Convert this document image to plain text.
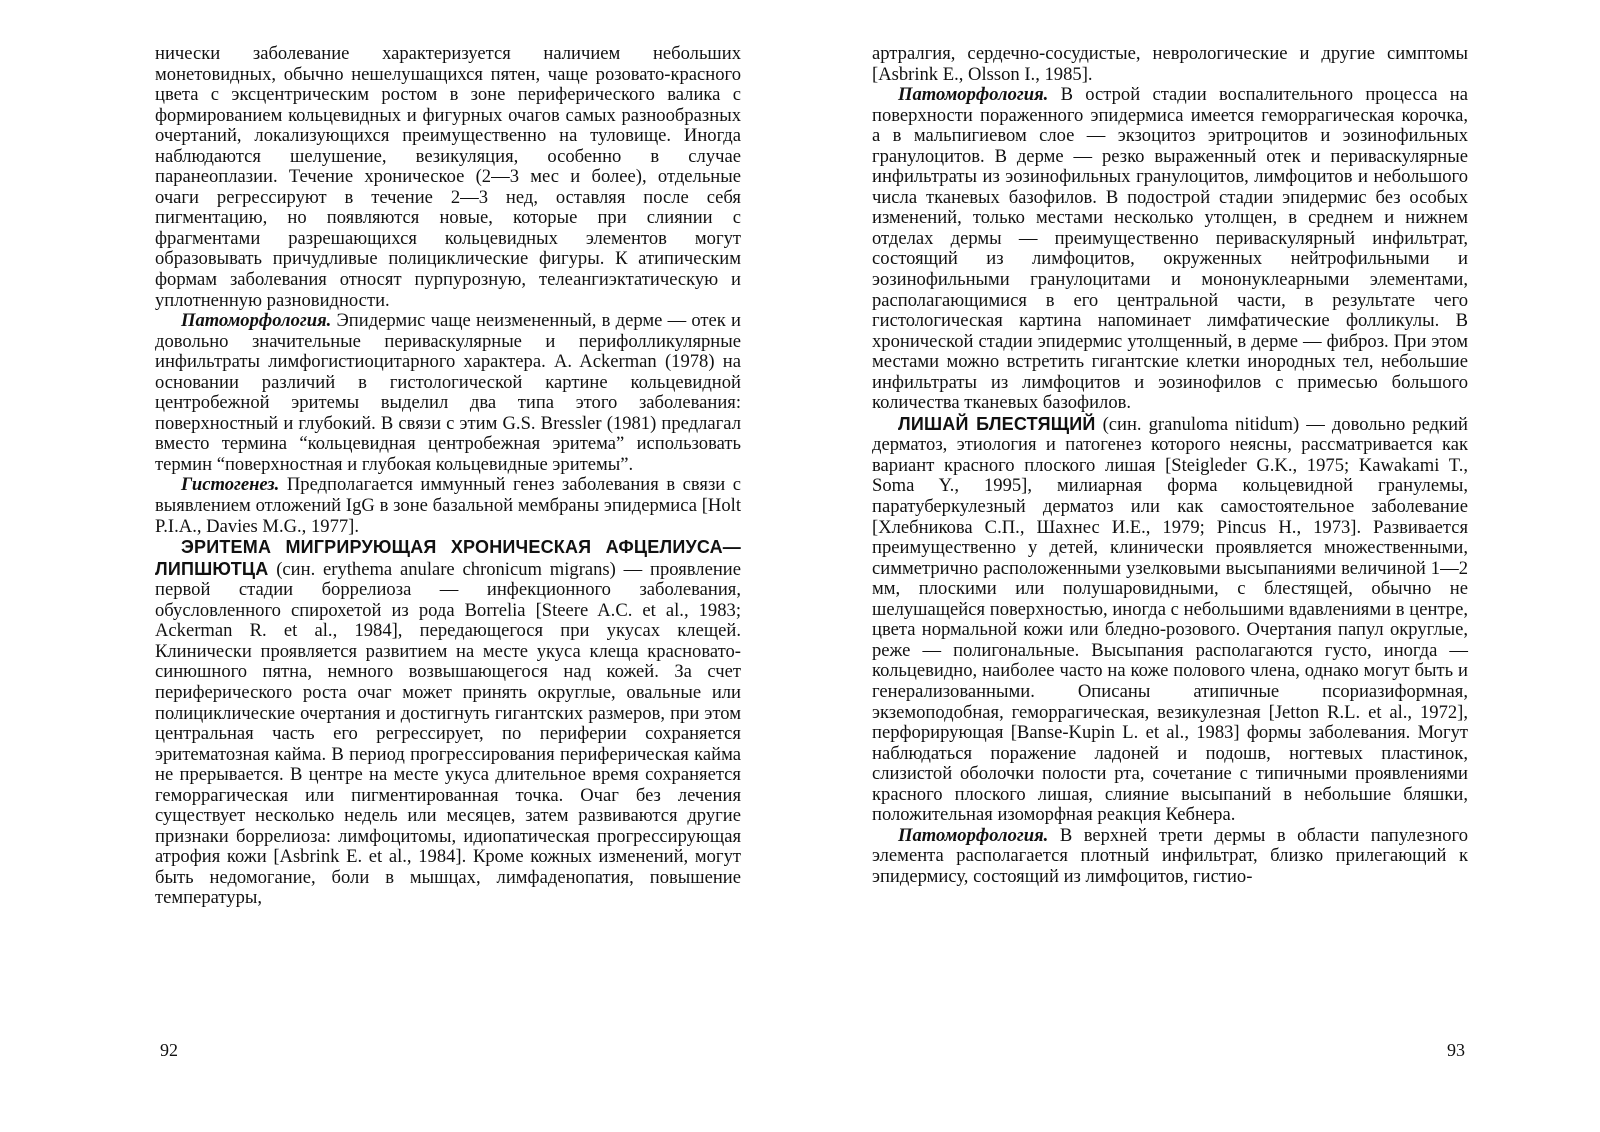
нически заболевание характеризуется наличием небольших монетовидных, обычно нешелушащихся пятен, чаще розовато-красного цвета с эксцентрическим ростом в зоне периферического валика с формированием кольцевидных и фигурных очагов самых разнообразных очертаний, локализующихся преимущественно на туловище. Иногда наблюдаются шелушение, везикуляция, особенно в случае паранеоплазии. Течение хроническое (2—3 мес и более), отдельные очаги регрессируют в течение 2—3 нед, оставляя после себя пигментацию, но появляются новые, которые при слиянии с фрагментами разрешающихся кольцевидных элементов могут образовывать причудливые полициклические фигуры. К атипическим формам заболевания относят пурпурозную, телеангиэктатическую и уплотненную разновидности.

Патоморфология. Эпидермис чаще неизмененный, в дерме — отек и довольно значительные периваскулярные и перифолликулярные инфильтраты лимфогистиоцитарного характера. A. Ackerman (1978) на основании различий в гистологической картине кольцевидной центробежной эритемы выделил два типа этого заболевания: поверхностный и глубокий. В связи с этим G.S. Bressler (1981) предлагал вместо термина “кольцевидная центробежная эритема” использовать термин “поверхностная и глубокая кольцевидные эритемы”.

Гистогенез. Предполагается иммунный генез заболевания в связи с выявлением отложений IgG в зоне базальной мембраны эпидермиса [Holt P.I.A., Davies M.G., 1977].

ЭРИТЕМА МИГРИРУЮЩАЯ ХРОНИЧЕСКАЯ АФЦЕЛИУСА—ЛИПШЮТЦА (син. erythema anulare chronicum migrans) — проявление первой стадии боррелиоза — инфекционного заболевания, обусловленного спирохетой из рода Borrelia [Steere A.C. et al., 1983; Ackerman R. et al., 1984], передающегося при укусах клещей. Клинически проявляется развитием на месте укуса клеща красновато-синюшного пятна, немного возвышающегося над кожей. За счет периферического роста очаг может принять округлые, овальные или полициклические очертания и достигнуть гигантских размеров, при этом центральная часть его регрессирует, по периферии сохраняется эритематозная кайма. В период прогрессирования периферическая кайма не прерывается. В центре на месте укуса длительное время сохраняется геморрагическая или пигментированная точка. Очаг без лечения существует несколько недель или месяцев, затем развиваются другие признаки боррелиоза: лимфоцитомы, идиопатическая прогрессирующая атрофия кожи [Asbrink E. et al., 1984]. Кроме кожных изменений, могут быть недомогание, боли в мышцах, лимфаденопатия, повышение температуры,

артралгия, сердечно-сосудистые, неврологические и другие симптомы [Asbrink E., Olsson I., 1985].

Патоморфология. В острой стадии воспалительного процесса на поверхности пораженного эпидермиса имеется геморрагическая корочка, а в мальпигиевом слое — экзоцитоз эритроцитов и эозинофильных гранулоцитов. В дерме — резко выраженный отек и периваскулярные инфильтраты из эозинофильных гранулоцитов, лимфоцитов и небольшого числа тканевых базофилов. В подострой стадии эпидермис без особых изменений, только местами несколько утолщен, в среднем и нижнем отделах дермы — преимущественно периваскулярный инфильтрат, состоящий из лимфоцитов, окруженных нейтрофильными и эозинофильными гранулоцитами и мононуклеарными элементами, располагающимися в его центральной части, в результате чего гистологическая картина напоминает лимфатические фолликулы. В хронической стадии эпидермис утолщенный, в дерме — фиброз. При этом местами можно встретить гигантские клетки инородных тел, небольшие инфильтраты из лимфоцитов и эозинофилов с примесью большого количества тканевых базофилов.

ЛИШАЙ БЛЕСТЯЩИЙ (син. granuloma nitidum) — довольно редкий дерматоз, этиология и патогенез которого неясны, рассматривается как вариант красного плоского лишая [Steigleder G.K., 1975; Kawakami T., Soma Y., 1995], милиарная форма кольцевидной гранулемы, паратуберкулезный дерматоз или как самостоятельное заболевание [Хлебникова С.П., Шахнес И.Е., 1979; Pincus H., 1973]. Развивается преимущественно у детей, клинически проявляется множественными, симметрично расположенными узелковыми высыпаниями величиной 1—2 мм, плоскими или полушаровидными, с блестящей, обычно не шелушащейся поверхностью, иногда с небольшими вдавлениями в центре, цвета нормальной кожи или бледно-розового. Очертания папул округлые, реже — полигональные. Высыпания располагаются густо, иногда — кольцевидно, наиболее часто на коже полового члена, однако могут быть и генерализованными. Описаны атипичные псориазиформная, экземоподобная, геморрагическая, везикулезная [Jetton R.L. et al., 1972], перфорирующая [Banse-Kupin L. et al., 1983] формы заболевания. Могут наблюдаться поражение ладоней и подошв, ногтевых пластинок, слизистой оболочки полости рта, сочетание с типичными проявлениями красного плоского лишая, слияние высыпаний в небольшие бляшки, положительная изоморфная реакция Кебнера.

Патоморфология. В верхней трети дермы в области папулезного элемента располагается плотный инфильтрат, близко прилегающий к эпидермису, состоящий из лимфоцитов, гистио-

92	93
